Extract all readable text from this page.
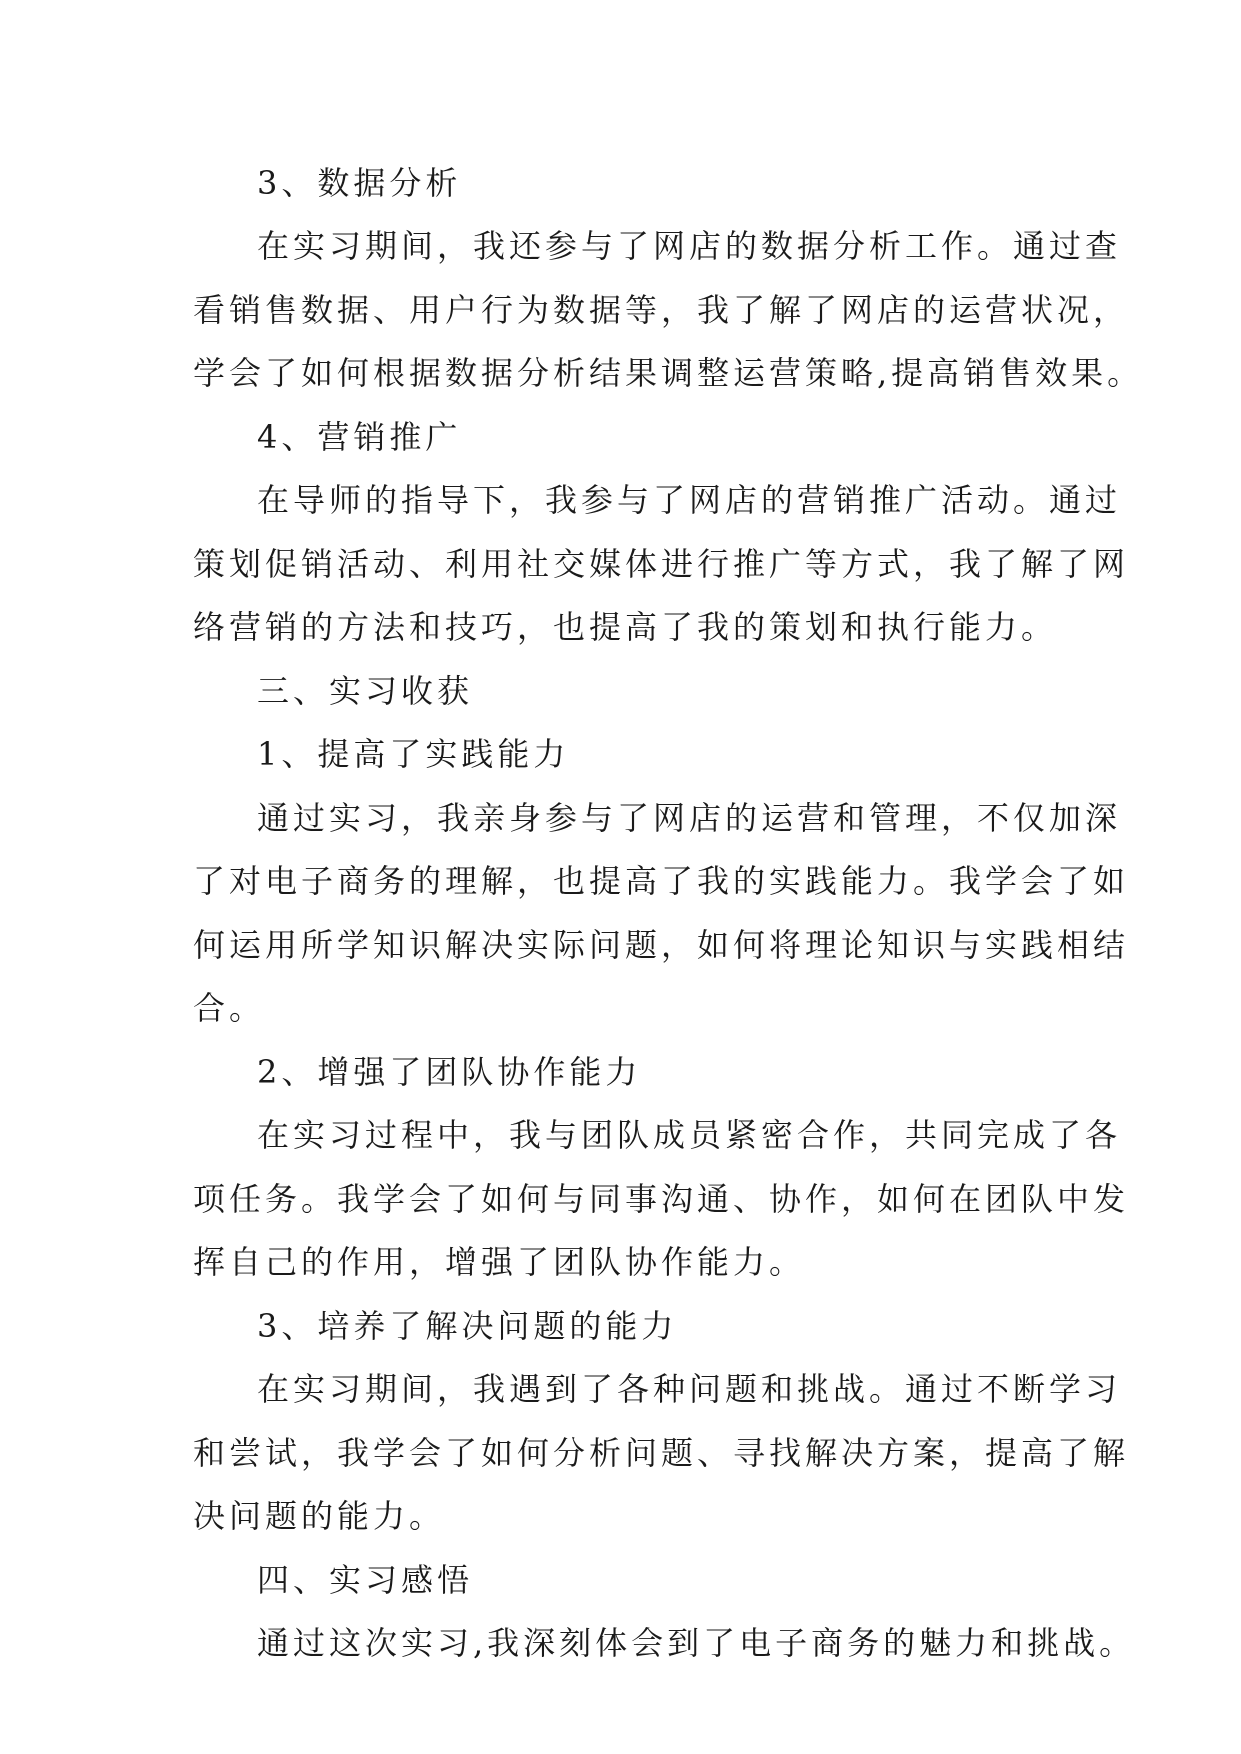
3、数据分析

在实习期间，我还参与了网店的数据分析工作。通过查

看销售数据、用户行为数据等，我了解了网店的运营状况，

学会了如何根据数据分析结果调整运营策略,提高销售效果。

4、营销推广

在导师的指导下，我参与了网店的营销推广活动。通过

策划促销活动、利用社交媒体进行推广等方式，我了解了网

络营销的方法和技巧，也提高了我的策划和执行能力。

三、实习收获

1、提高了实践能力

通过实习，我亲身参与了网店的运营和管理，不仅加深

了对电子商务的理解，也提高了我的实践能力。我学会了如

何运用所学知识解决实际问题，如何将理论知识与实践相结

合。

2、增强了团队协作能力

在实习过程中，我与团队成员紧密合作，共同完成了各

项任务。我学会了如何与同事沟通、协作，如何在团队中发

挥自己的作用，增强了团队协作能力。

3、培养了解决问题的能力

在实习期间，我遇到了各种问题和挑战。通过不断学习

和尝试，我学会了如何分析问题、寻找解决方案，提高了解

决问题的能力。

四、实习感悟

通过这次实习,我深刻体会到了电子商务的魅力和挑战。
